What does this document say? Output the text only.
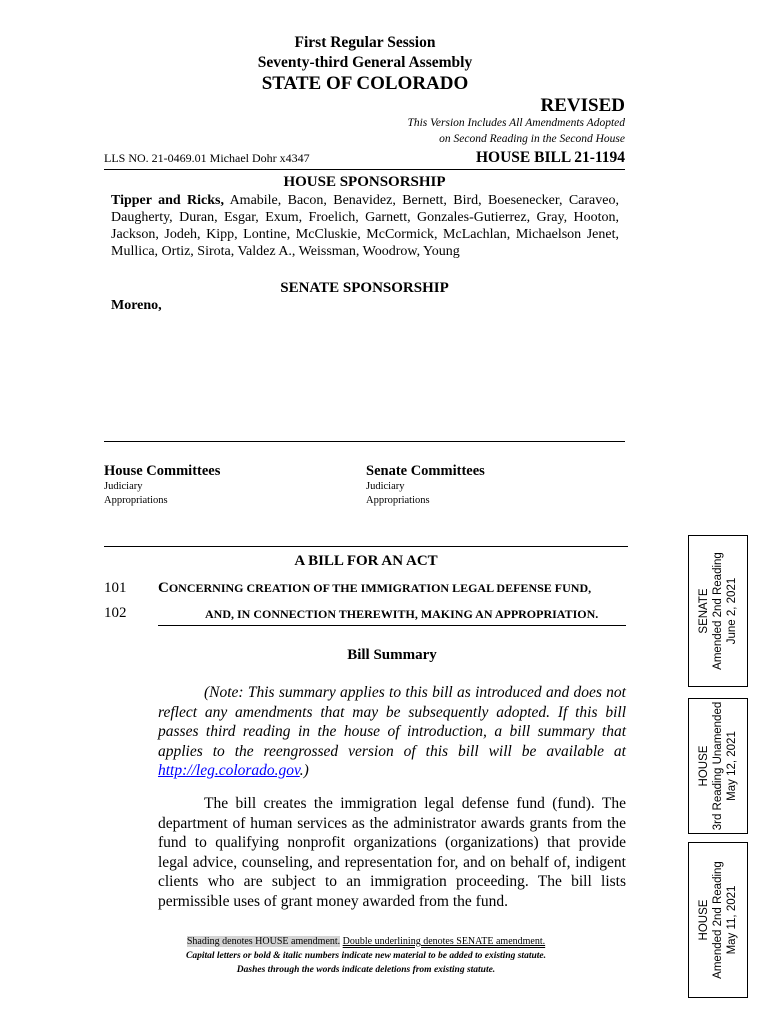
First Regular Session
Seventy-third General Assembly
STATE OF COLORADO
REVISED
This Version Includes All Amendments Adopted
on Second Reading in the Second House
LLS NO. 21-0469.01 Michael Dohr x4347	HOUSE BILL 21-1194
HOUSE SPONSORSHIP
Tipper and Ricks, Amabile, Bacon, Benavidez, Bernett, Bird, Boesenecker, Caraveo,
Daugherty, Duran, Esgar, Exum, Froelich, Garnett, Gonzales-Gutierrez, Gray, Hooton,
Jackson, Jodeh, Kipp, Lontine, McCluskie, McCormick, McLachlan, Michaelson Jenet,
Mullica, Ortiz, Sirota, Valdez A., Weissman, Woodrow, Young
SENATE SPONSORSHIP
Moreno,
House Committees
Judiciary
Appropriations
Senate Committees
Judiciary
Appropriations
A BILL FOR AN ACT
101 CONCERNING CREATION OF THE IMMIGRATION LEGAL DEFENSE FUND,
102	AND, IN CONNECTION THEREWITH, MAKING AN APPROPRIATION.
Bill Summary
(Note: This summary applies to this bill as introduced and does not reflect any amendments that may be subsequently adopted. If this bill passes third reading in the house of introduction, a bill summary that applies to the reengrossed version of this bill will be available at http://leg.colorado.gov.)
The bill creates the immigration legal defense fund (fund). The department of human services as the administrator awards grants from the fund to qualifying nonprofit organizations (organizations) that provide legal advice, counseling, and representation for, and on behalf of, indigent clients who are subject to an immigration proceeding. The bill lists permissible uses of grant money awarded from the fund.
Shading denotes HOUSE amendment. Double underlining denotes SENATE amendment.
Capital letters or bold & italic numbers indicate new material to be added to existing statute.
Dashes through the words indicate deletions from existing statute.
SENATE Amended 2nd Reading June 2, 2021
HOUSE 3rd Reading Unamended May 12, 2021
HOUSE Amended 2nd Reading May 11, 2021
